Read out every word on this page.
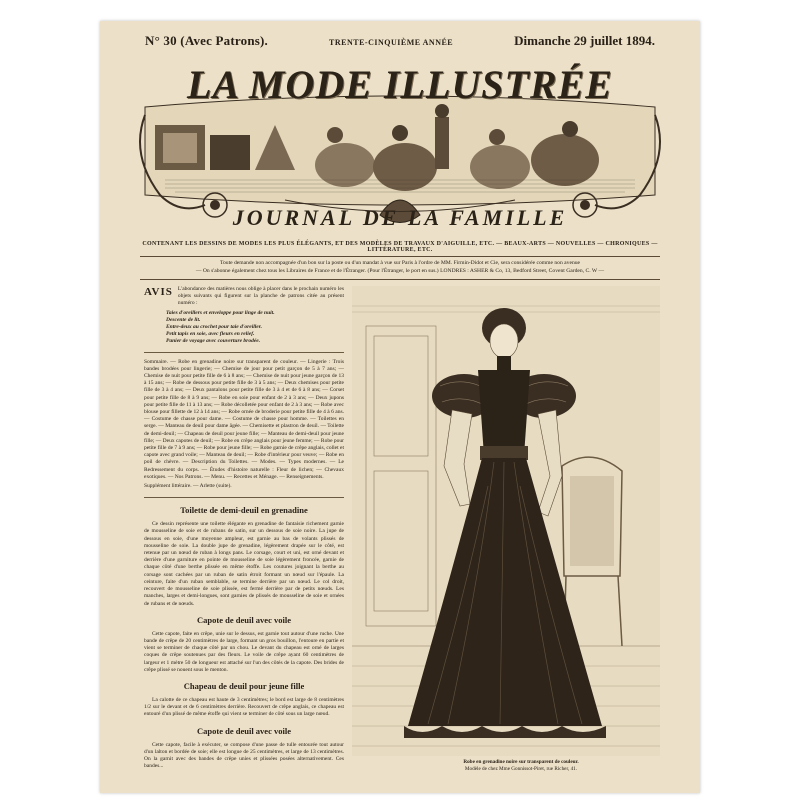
N° 30 (Avec Patrons).	TRENTE-CINQUIÈME ANNÉE	Dimanche 29 juillet 1894.
LA MODE ILLUSTRÉE
JOURNAL DE LA FAMILLE
CONTENANT LES DESSINS DE MODES LES PLUS ÉLÉGANTS, ET DES MODÈLES DE TRAVAUX D'AIGUILLE, ETC. — BEAUX-ARTS — NOUVELLES — CHRONIQUES — LITTÉRATURE, ETC.
Toute demande non accompagnée d'un bon sur la poste ou d'un mandat à vue sur Paris à l'ordre de MM. Firmin-Didot et Cie, sera considérée comme non avenue
— On s'abonne également chez tous les Libraires de France et de l'Étranger. (Pour l'Étranger, le port en sus.) LONDRES : ASHER & Co, 13, Bedford Street, Covent Garden, C. W —
AVIS L'abondance des matières nous oblige à placer dans le prochain numéro les objets suivants qui figurent sur la planche de patrons citée au présent numéro :

Taies d'oreillers et enveloppe pour linge de nuit.
Descente de lit.
Entre-deux au crochet pour taie d'oreiller.
Petit tapis en soie, avec fleurs en relief.
Panier de voyage avec couverture brodée.

Sommaire. — Robe en grenadine noire sur transparent de couleur. — Lingerie : Trois bandes brodées pour lingerie; — Chemise de jour pour petit garçon de 5 à 7 ans; — Chemise de nuit pour petite fille de 6 à 8 ans; — Chemise de nuit pour jeune garçon de 13 à 15 ans; — Robe de dessous pour petite fille de 3 à 5 ans; — Deux chemises pour petite fille de 3 à 4 ans; — Deux pantalons pour petite fille de 3 à 4 et de 6 à 8 ans; — Corset pour petite fille de 8 à 9 ans; — Robe en soie pour enfant de 2 à 3 ans; — Deux jupons pour petite fille de 11 à 13 ans; — Robe décolletée pour enfant de 2 à 3 ans; — Robe avec blouse pour fillette de 12 à 14 ans; — Robe ornée de broderie pour petite fille de 4 à 6 ans. — Costume de chasse pour dame. — Costume de chasse pour homme. — Toilettes en serge. — Manteau de deuil pour dame âgée. — Chemisette et plastron de deuil. — Toilette de demi-deuil; — Chapeau de deuil pour jeune fille; — Manteau de demi-deuil pour jeune fille; — Deux capotes de deuil; — Robe en crêpe anglais pour jeune femme; — Robe pour petite fille de 7 à 9 ans; — Robe pour jeune fille; — Robe garnie de crêpe anglais, collet et capote avec grand voile; — Manteau de deuil; — Robe d'intérieur pour veuve; — Robe en poil de chèvre. — Description du Toilettes. — Modes. — Types modernes. — Le Redressement du corps. — Études d'histoire naturelle : Fleur de lichen; — Chevaux exotiques. — Nos Patrons. — Menu. — Recettes et Ménage. — Renseignements.

Supplément littéraire. — Arlette (suite).

Toilette de demi-deuil en grenadine

Ce dessin représente une toilette élégante en grenadine de fantaisie richement garnie de mousseline de soie et de rubans de satin, sur un dessous de soie noire. La jupe de dessous en soie, d'une moyenne ampleur, est garnie au bas de volants plissés de mousseline de soie. La double jupe de grenadine, légèrement drapée sur le côté, est retenue par un nœud de ruban à longs pans. Le corsage, court et uni, est orné devant et derrière d'une garniture en pointe de mousseline de soie légèrement froncée, garnie de chaque côté d'une berthe plissée en même étoffe. Les coutures joignant la berthe au corsage sont cachées par un ruban de satin étroit formant un nœud sur l'épaule. La ceinture, faite d'un ruban semblable, se termine derrière par un nœud. Le col droit, recouvert de mousseline de soie plissée, est fermé derrière par de petits nœuds. Les manches, larges et demi-longues, sont garnies de plissés de mousseline de soie et ornées de rubans et de nœuds.

Capote de deuil avec voile

Cette capote, faite en crêpe, unie sur le dessus, est garnie tout autour d'une ruche. Une bande de crêpe de 20 centimètres de large, formant un gros bouillon, l'entoure en partie et vient se terminer de chaque côté par un chou. Le devant du chapeau est orné de larges coques de crêpe soutenues par des fleurs. Le voile de crêpe ayant 60 centimètres de largeur et 1 mètre 50 de longueur est attaché sur l'un des côtés de la capote. Des brides de crêpe plissé se nouent sous le menton.

Chapeau de deuil pour jeune fille

La calotte de ce chapeau est haute de 3 centimètres; le bord est large de 8 centimètres 1/2 sur le devant et de 6 centimètres derrière. Recouvert de crêpe anglais, ce chapeau est entouré d'un plissé de même étoffe qui vient se terminer de côté sous un large nœud.

Capote de deuil avec voile

Cette capote, facile à exécuter, se compose d'une passe de tulle entourée tout autour d'un lalton et bordée de soie; elle est longue de 25 centimètres, et large de 13 centimètres. On la garnit avec des bandes de crêpe unies et plissées posées alternativement. Ces bandes...

Robe en grenadine noire sur transparent de couleur.
Modèle de chez Mme Gonnissot-Piret, rue Richer, 41.
